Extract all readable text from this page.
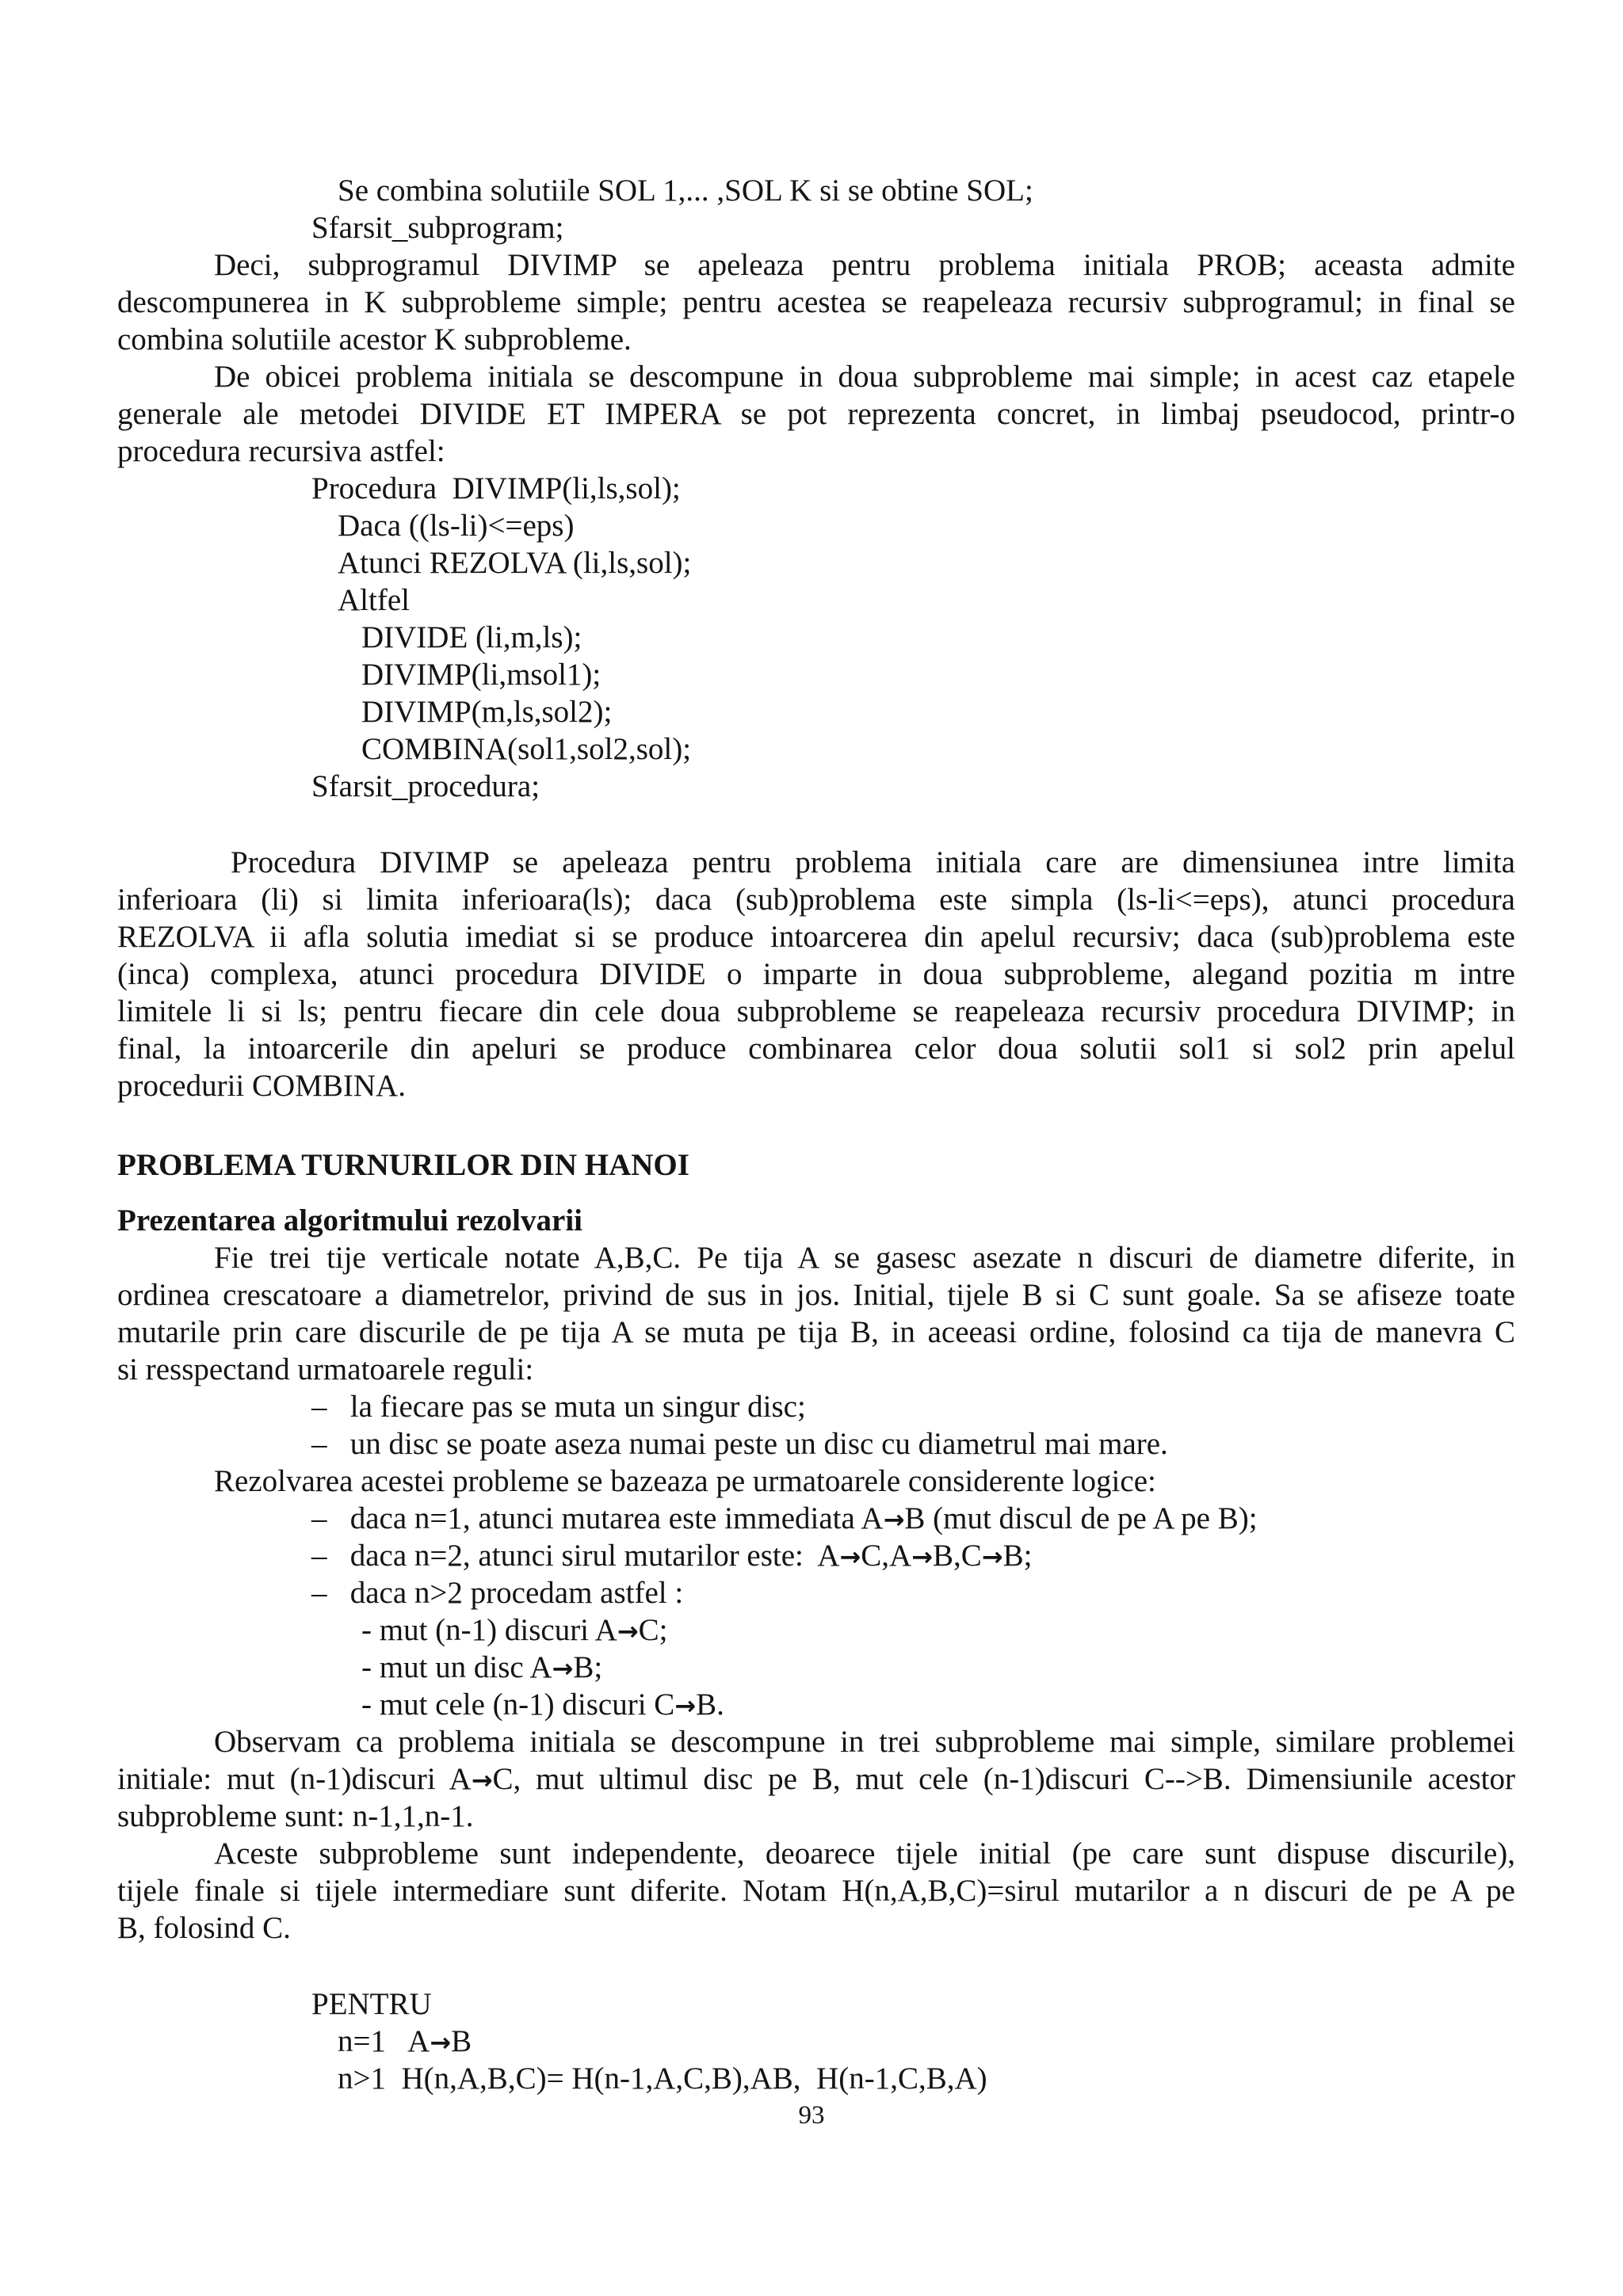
Se combina solutiile SOL 1,... ,SOL K si se obtine SOL;
Sfarsit_subprogram;
Deci, subprogramul DIVIMP se apeleaza pentru problema initiala PROB; aceasta admite
descompunerea in K subprobleme simple; pentru acestea se reapeleaza recursiv subprogramul; in final se
combina solutiile acestor K subprobleme.
De obicei problema initiala se descompune in doua subprobleme mai simple; in acest caz etapele
generale ale metodei DIVIDE ET IMPERA se pot reprezenta concret, in limbaj pseudocod, printr-o
procedura recursiva astfel:
Procedura  DIVIMP(li,ls,sol);
Daca ((ls-li)<=eps)
Atunci REZOLVA (li,ls,sol);
Altfel
DIVIDE (li,m,ls);
DIVIMP(li,msol1);
DIVIMP(m,ls,sol2);
COMBINA(sol1,sol2,sol);
Sfarsit_procedura;
Procedura DIVIMP se apeleaza pentru problema initiala care are dimensiunea intre limita
inferioara (li) si limita inferioara(ls); daca (sub)problema este simpla (ls-li<=eps), atunci procedura
REZOLVA ii afla solutia imediat si se produce intoarcerea din apelul recursiv; daca (sub)problema este
(inca) complexa, atunci procedura DIVIDE o imparte in doua subprobleme, alegand pozitia m intre
limitele li si ls; pentru fiecare din cele doua subprobleme se reapeleaza recursiv procedura DIVIMP; in
final, la intoarcerile din apeluri se produce combinarea celor doua solutii sol1 si sol2 prin apelul
procedurii COMBINA.
PROBLEMA TURNURILOR DIN HANOI
Prezentarea algoritmului rezolvarii
Fie trei tije verticale notate A,B,C. Pe tija A se gasesc asezate n discuri de diametre diferite, in
ordinea crescatoare a diametrelor, privind de sus in jos. Initial, tijele B si C sunt goale. Sa se afiseze toate
mutarile prin care discurile de pe tija A se muta pe tija B, in aceeasi ordine, folosind ca tija de manevra C
si resspectand urmatoarele reguli:
–   la fiecare pas se muta un singur disc;
–   un disc se poate aseza numai peste un disc cu diametrul mai mare.
Rezolvarea acestei probleme se bazeaza pe urmatoarele considerente logice:
–   daca n=1, atunci mutarea este immediata A→B (mut discul de pe A pe B);
–   daca n=2, atunci sirul mutarilor este:  A→C,A→B,C→B;
–   daca n>2 procedam astfel :
- mut (n-1) discuri A→C;
- mut un disc A→B;
- mut cele (n-1) discuri C→B.
Observam ca problema initiala se descompune in trei subprobleme mai simple, similare problemei
initiale: mut (n-1)discuri A→C, mut ultimul disc pe B, mut cele (n-1)discuri C-->B. Dimensiunile acestor
subprobleme sunt: n-1,1,n-1.
Aceste subprobleme sunt independente, deoarece tijele initial (pe care sunt dispuse discurile),
tijele finale si tijele intermediare sunt diferite. Notam H(n,A,B,C)=sirul mutarilor a n discuri de pe A pe
B, folosind C.
PENTRU
n=1   A→B
n>1  H(n,A,B,C)= H(n-1,A,C,B),AB,  H(n-1,C,B,A)
93
